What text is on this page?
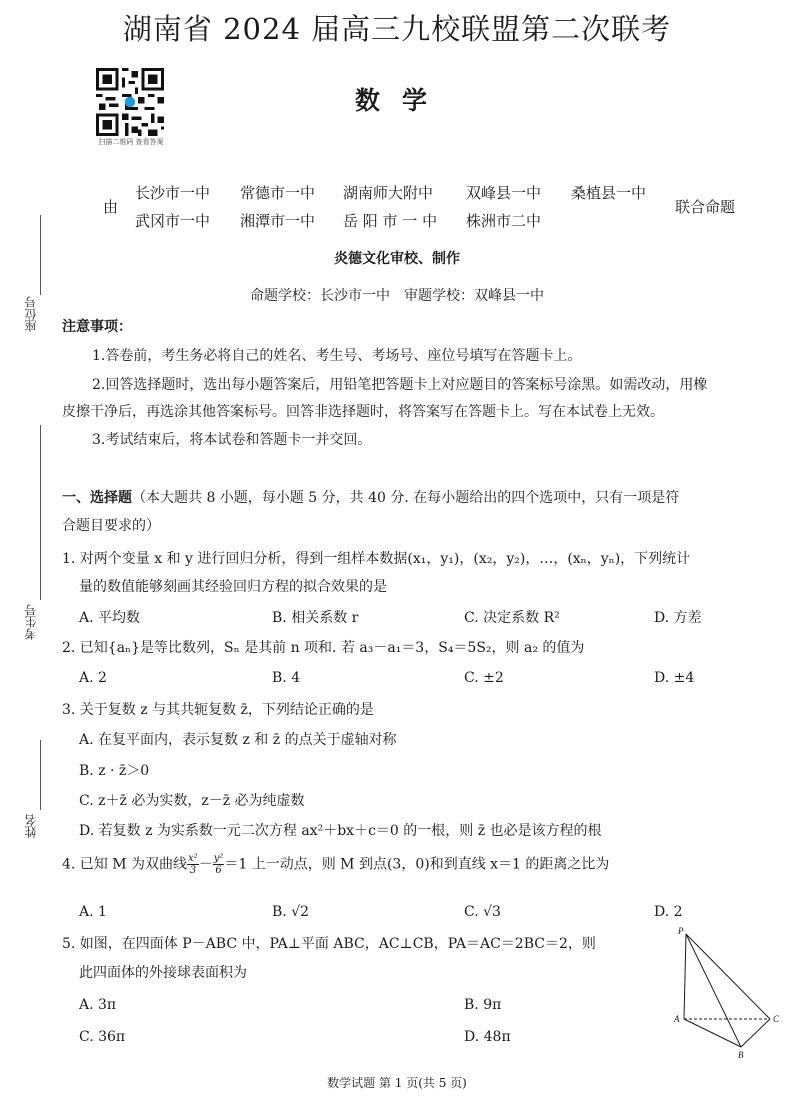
湖南省 2024 届高三九校联盟第二次联考
扫描二维码 查看答案
数学
由
长沙市一中 常德市一中 湖南师大附中 双峰县一中 桑植县一中
武冈市一中 湘潭市一中 岳 阳 市 一 中 株洲市二中
联合命题
炎德文化审校、制作
命题学校：长沙市一中　审题学校：双峰县一中
座位号
考生号
姓名
注意事项：
1.答卷前，考生务必将自己的姓名、考生号、考场号、座位号填写在答题卡上。
2.回答选择题时，选出每小题答案后，用铅笔把答题卡上对应题目的答案标号涂黑。如需改动，用橡
皮擦干净后，再选涂其他答案标号。回答非选择题时，将答案写在答题卡上。写在本试卷上无效。
3.考试结束后，将本试卷和答题卡一并交回。
一、选择题（本大题共 8 小题，每小题 5 分，共 40 分. 在每小题给出的四个选项中，只有一项是符
合题目要求的）
1. 对两个变量 x 和 y 进行回归分析，得到一组样本数据(x₁，y₁)，(x₂，y₂)，…，(xₙ，yₙ)，下列统计
量的数值能够刻画其经验回归方程的拟合效果的是
A. 平均数	B. 相关系数 r	C. 决定系数 R²	D. 方差
2. 已知{aₙ}是等比数列，Sₙ 是其前 n 项和. 若 a₃－a₁＝3，S₄＝5S₂，则 a₂ 的值为
A. 2	B. 4	C. ±2	D. ±4
3. 关于复数 z 与其共轭复数 z̄，下列结论正确的是
A. 在复平面内，表示复数 z 和 z̄ 的点关于虚轴对称
B. z · z̄＞0
C. z＋z̄ 必为实数，z－z̄ 必为纯虚数
D. 若复数 z 为实系数一元二次方程 ax²＋bx＋c＝0 的一根，则 z̄ 也必是该方程的根
4. 已知 M 为双曲线 $\frac{\text{x²}}{3} - \frac{\text{y²}}{6} =1$ 上一动点，则 M 到点(3，0)和到直线 x＝1 的距离之比为
A. 1	B. √2	C. √3	D. 2
5. 如图，在四面体 P－ABC 中，PA⊥平面 ABC，AC⊥CB，PA＝AC＝2BC＝2，则
此四面体的外接球表面积为
A. 3π	B. 9π
C. 36π	D. 48π
P
A
B
C
数学试题 第 1 页(共 5 页)
